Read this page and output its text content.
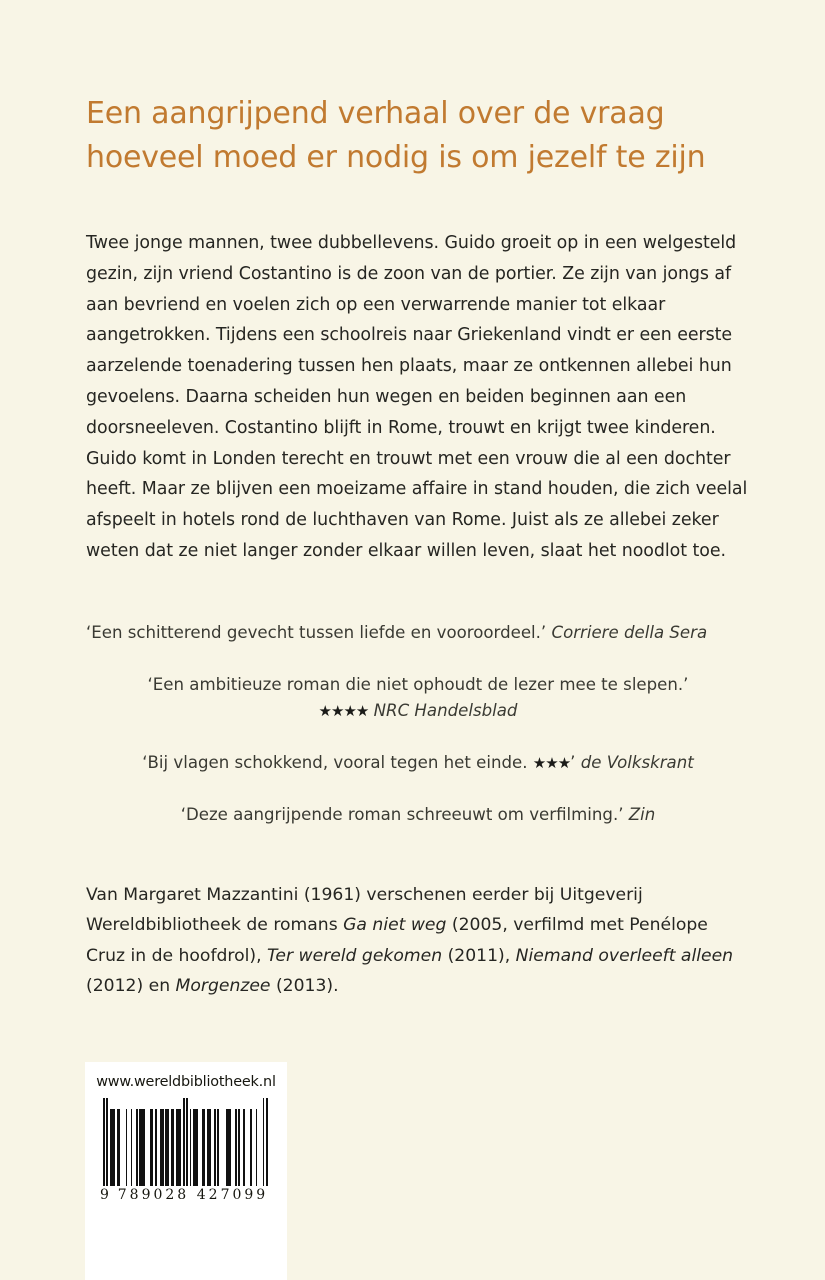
Een aangrijpend verhaal over de vraag hoeveel moed er nodig is om jezelf te zijn
Twee jonge mannen, twee dubbellevens. Guido groeit op in een welgesteld gezin, zijn vriend Costantino is de zoon van de portier. Ze zijn van jongs af aan bevriend en voelen zich op een verwarrende manier tot elkaar aangetrokken. Tijdens een schoolreis naar Griekenland vindt er een eerste aarzelende toenadering tussen hen plaats, maar ze ontkennen allebei hun gevoelens. Daarna scheiden hun wegen en beiden beginnen aan een doorsneeleven. Costantino blijft in Rome, trouwt en krijgt twee kinderen. Guido komt in Londen terecht en trouwt met een vrouw die al een dochter heeft. Maar ze blijven een moeizame affaire in stand houden, die zich veelal afspeelt in hotels rond de luchthaven van Rome. Juist als ze allebei zeker weten dat ze niet langer zonder elkaar willen leven, slaat het noodlot toe.
‘Een schitterend gevecht tussen liefde en vooroordeel.’ Corriere della Sera
‘Een ambitieuze roman die niet ophoudt de lezer mee te slepen.’
★★★★ NRC Handelsblad
‘Bij vlagen schokkend, vooral tegen het einde. ★★★’ de Volkskrant
‘Deze aangrijpende roman schreeuwt om verfilming.’ Zin
Van Margaret Mazzantini (1961) verschenen eerder bij Uitgeverij Wereldbibliotheek de romans Ga niet weg (2005, verfilmd met Penélope Cruz in de hoofdrol), Ter wereld gekomen (2011), Niemand overleeft alleen (2012) en Morgenzee (2013).
www.wereldbibliotheek.nl
9 789028 427099
